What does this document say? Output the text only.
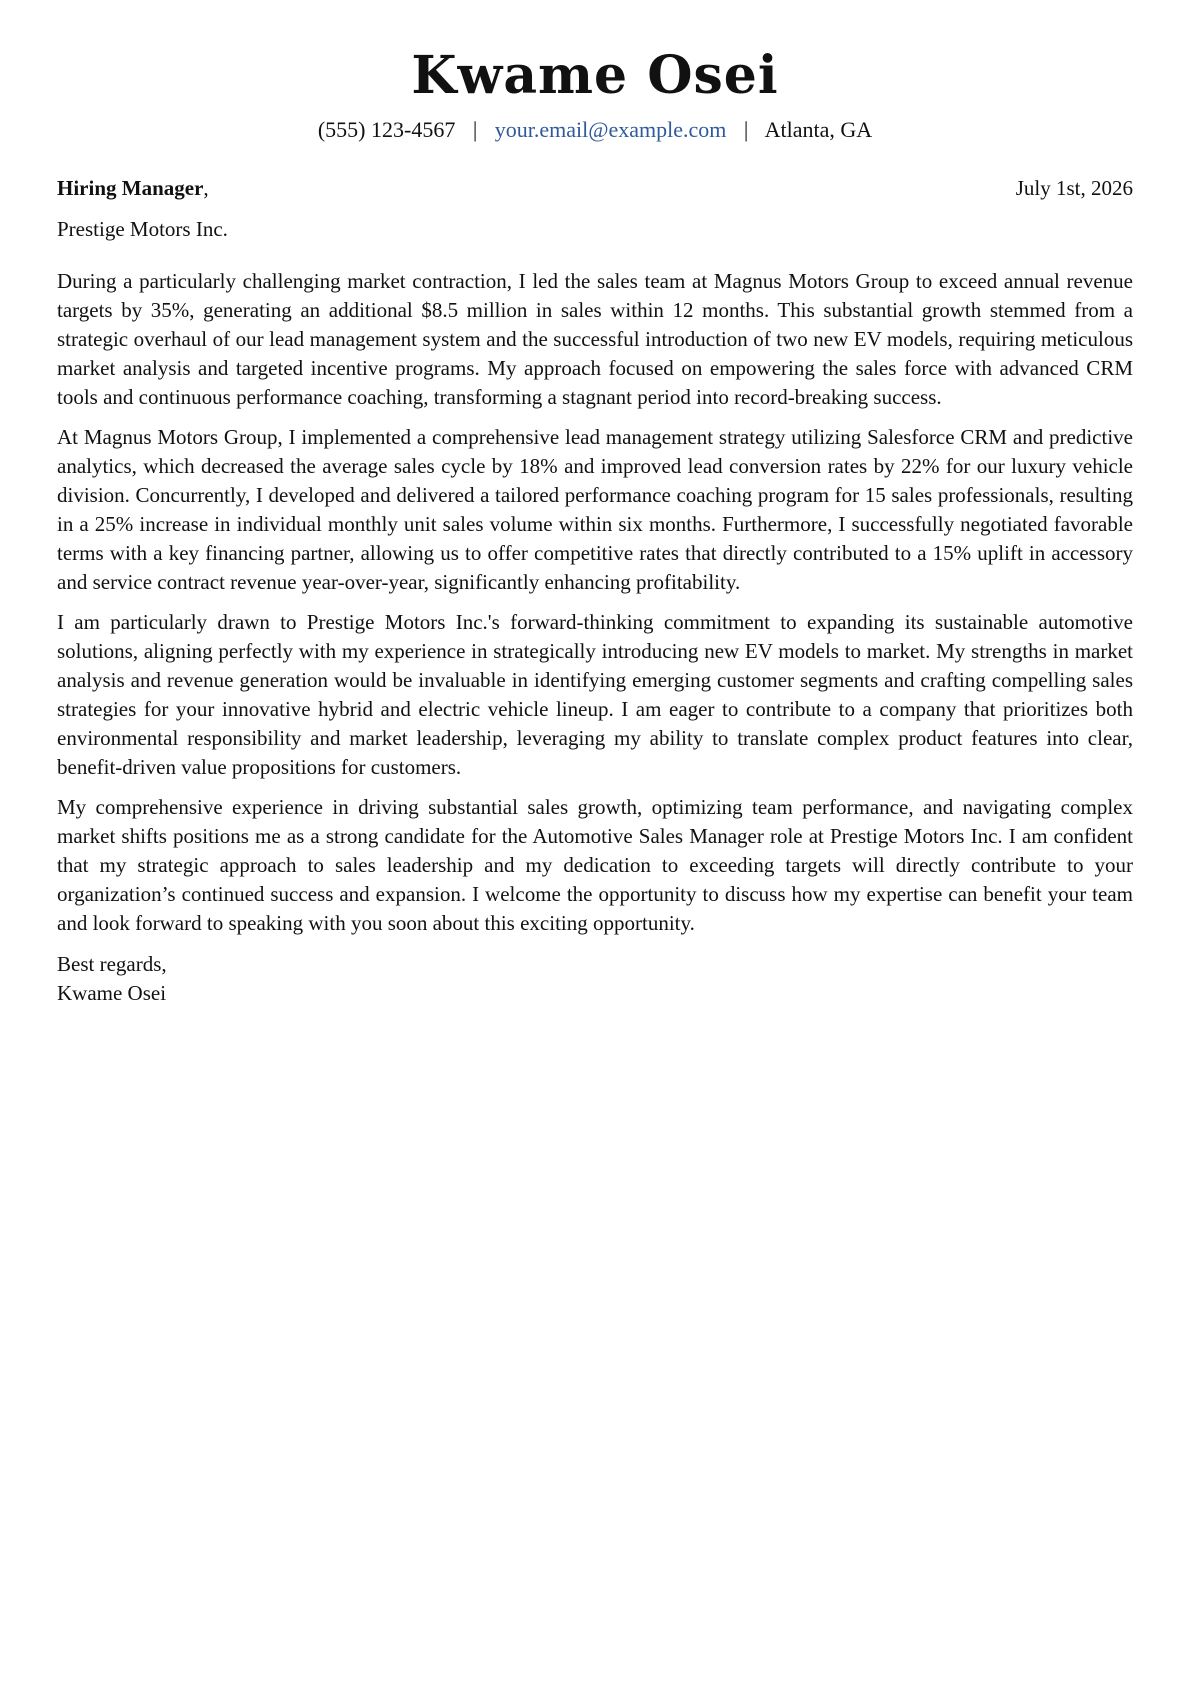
Kwame Osei
(555) 123-4567 | your.email@example.com | Atlanta, GA
Hiring Manager,	July 1st, 2026
Prestige Motors Inc.

During a particularly challenging market contraction, I led the sales team at Magnus Motors Group to exceed annual revenue targets by 35%, generating an additional $8.5 million in sales within 12 months. This substantial growth stemmed from a strategic overhaul of our lead management system and the successful introduction of two new EV models, requiring meticulous market analysis and targeted incentive programs. My approach focused on empowering the sales force with advanced CRM tools and continuous performance coaching, transforming a stagnant period into record-breaking success.

At Magnus Motors Group, I implemented a comprehensive lead management strategy utilizing Salesforce CRM and predictive analytics, which decreased the average sales cycle by 18% and improved lead conversion rates by 22% for our luxury vehicle division. Concurrently, I developed and delivered a tailored performance coaching program for 15 sales professionals, resulting in a 25% increase in individual monthly unit sales volume within six months. Furthermore, I successfully negotiated favorable terms with a key financing partner, allowing us to offer competitive rates that directly contributed to a 15% uplift in accessory and service contract revenue year-over-year, significantly enhancing profitability.

I am particularly drawn to Prestige Motors Inc.'s forward-thinking commitment to expanding its sustainable automotive solutions, aligning perfectly with my experience in strategically introducing new EV models to market. My strengths in market analysis and revenue generation would be invaluable in identifying emerging customer segments and crafting compelling sales strategies for your innovative hybrid and electric vehicle lineup. I am eager to contribute to a company that prioritizes both environmental responsibility and market leadership, leveraging my ability to translate complex product features into clear, benefit-driven value propositions for customers.

My comprehensive experience in driving substantial sales growth, optimizing team performance, and navigating complex market shifts positions me as a strong candidate for the Automotive Sales Manager role at Prestige Motors Inc. I am confident that my strategic approach to sales leadership and my dedication to exceeding targets will directly contribute to your organization’s continued success and expansion. I welcome the opportunity to discuss how my expertise can benefit your team and look forward to speaking with you soon about this exciting opportunity.

Best regards,
Kwame Osei
